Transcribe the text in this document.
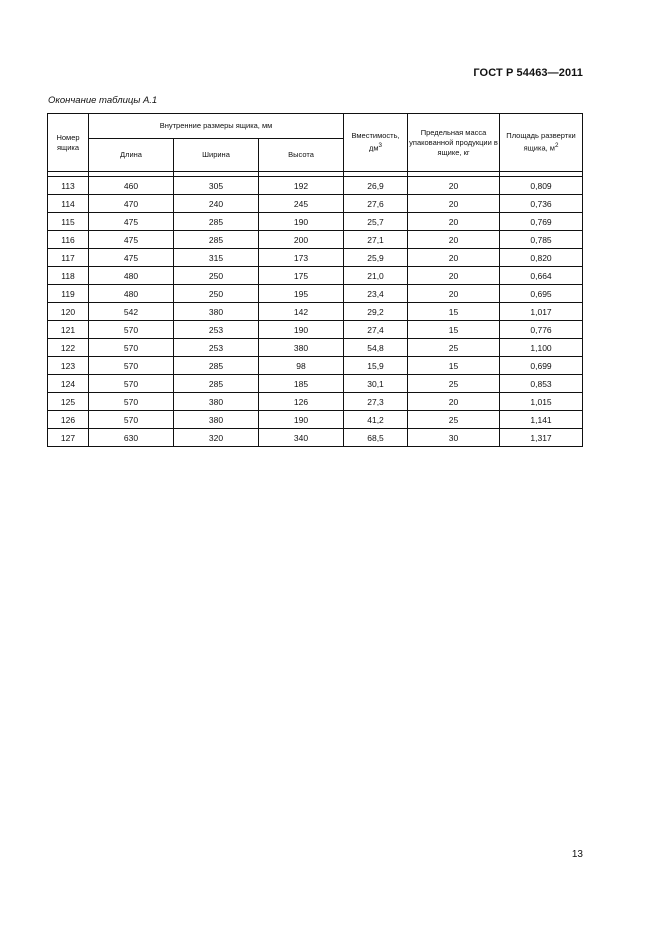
ГОСТ Р 54463—2011
Окончание таблицы А.1
Номер ящика	Внутренние размеры ящика, мм			Вместимость, $дм^3$	Предельная масса упакованной продукции в ящике, кг	Площадь развертки ящика, $м^2$
	Длина	Ширина	Высота			

113	460	305	192	26,9	20	0,809
114	470	240	245	27,6	20	0,736
115	475	285	190	25,7	20	0,769
116	475	285	200	27,1	20	0,785
117	475	315	173	25,9	20	0,820
118	480	250	175	21,0	20	0,664
119	480	250	195	23,4	20	0,695
120	542	380	142	29,2	15	1,017
121	570	253	190	27,4	15	0,776
122	570	253	380	54,8	25	1,100
123	570	285	98	15,9	15	0,699
124	570	285	185	30,1	25	0,853
125	570	380	126	27,3	20	1,015
126	570	380	190	41,2	25	1,141
127	630	320	340	68,5	30	1,317
13
